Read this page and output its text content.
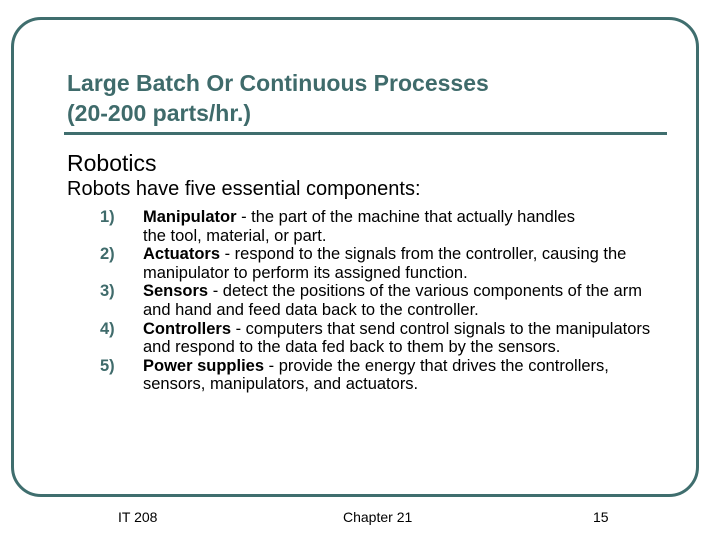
Large Batch Or Continuous Processes
(20-200 parts/hr.)

Robotics

Robots have five essential components:

1) Manipulator - the part of the machine that actually handles the tool, material, or part.
2) Actuators - respond to the signals from the controller, causing the manipulator to perform its assigned function.
3) Sensors - detect the positions of the various components of the arm and hand and feed data back to the controller.
4) Controllers - computers that send control signals to the manipulators and respond to the data fed back to them by the sensors.
5) Power supplies - provide the energy that drives the controllers, sensors, manipulators, and actuators.
IT 208	Chapter 21	15
